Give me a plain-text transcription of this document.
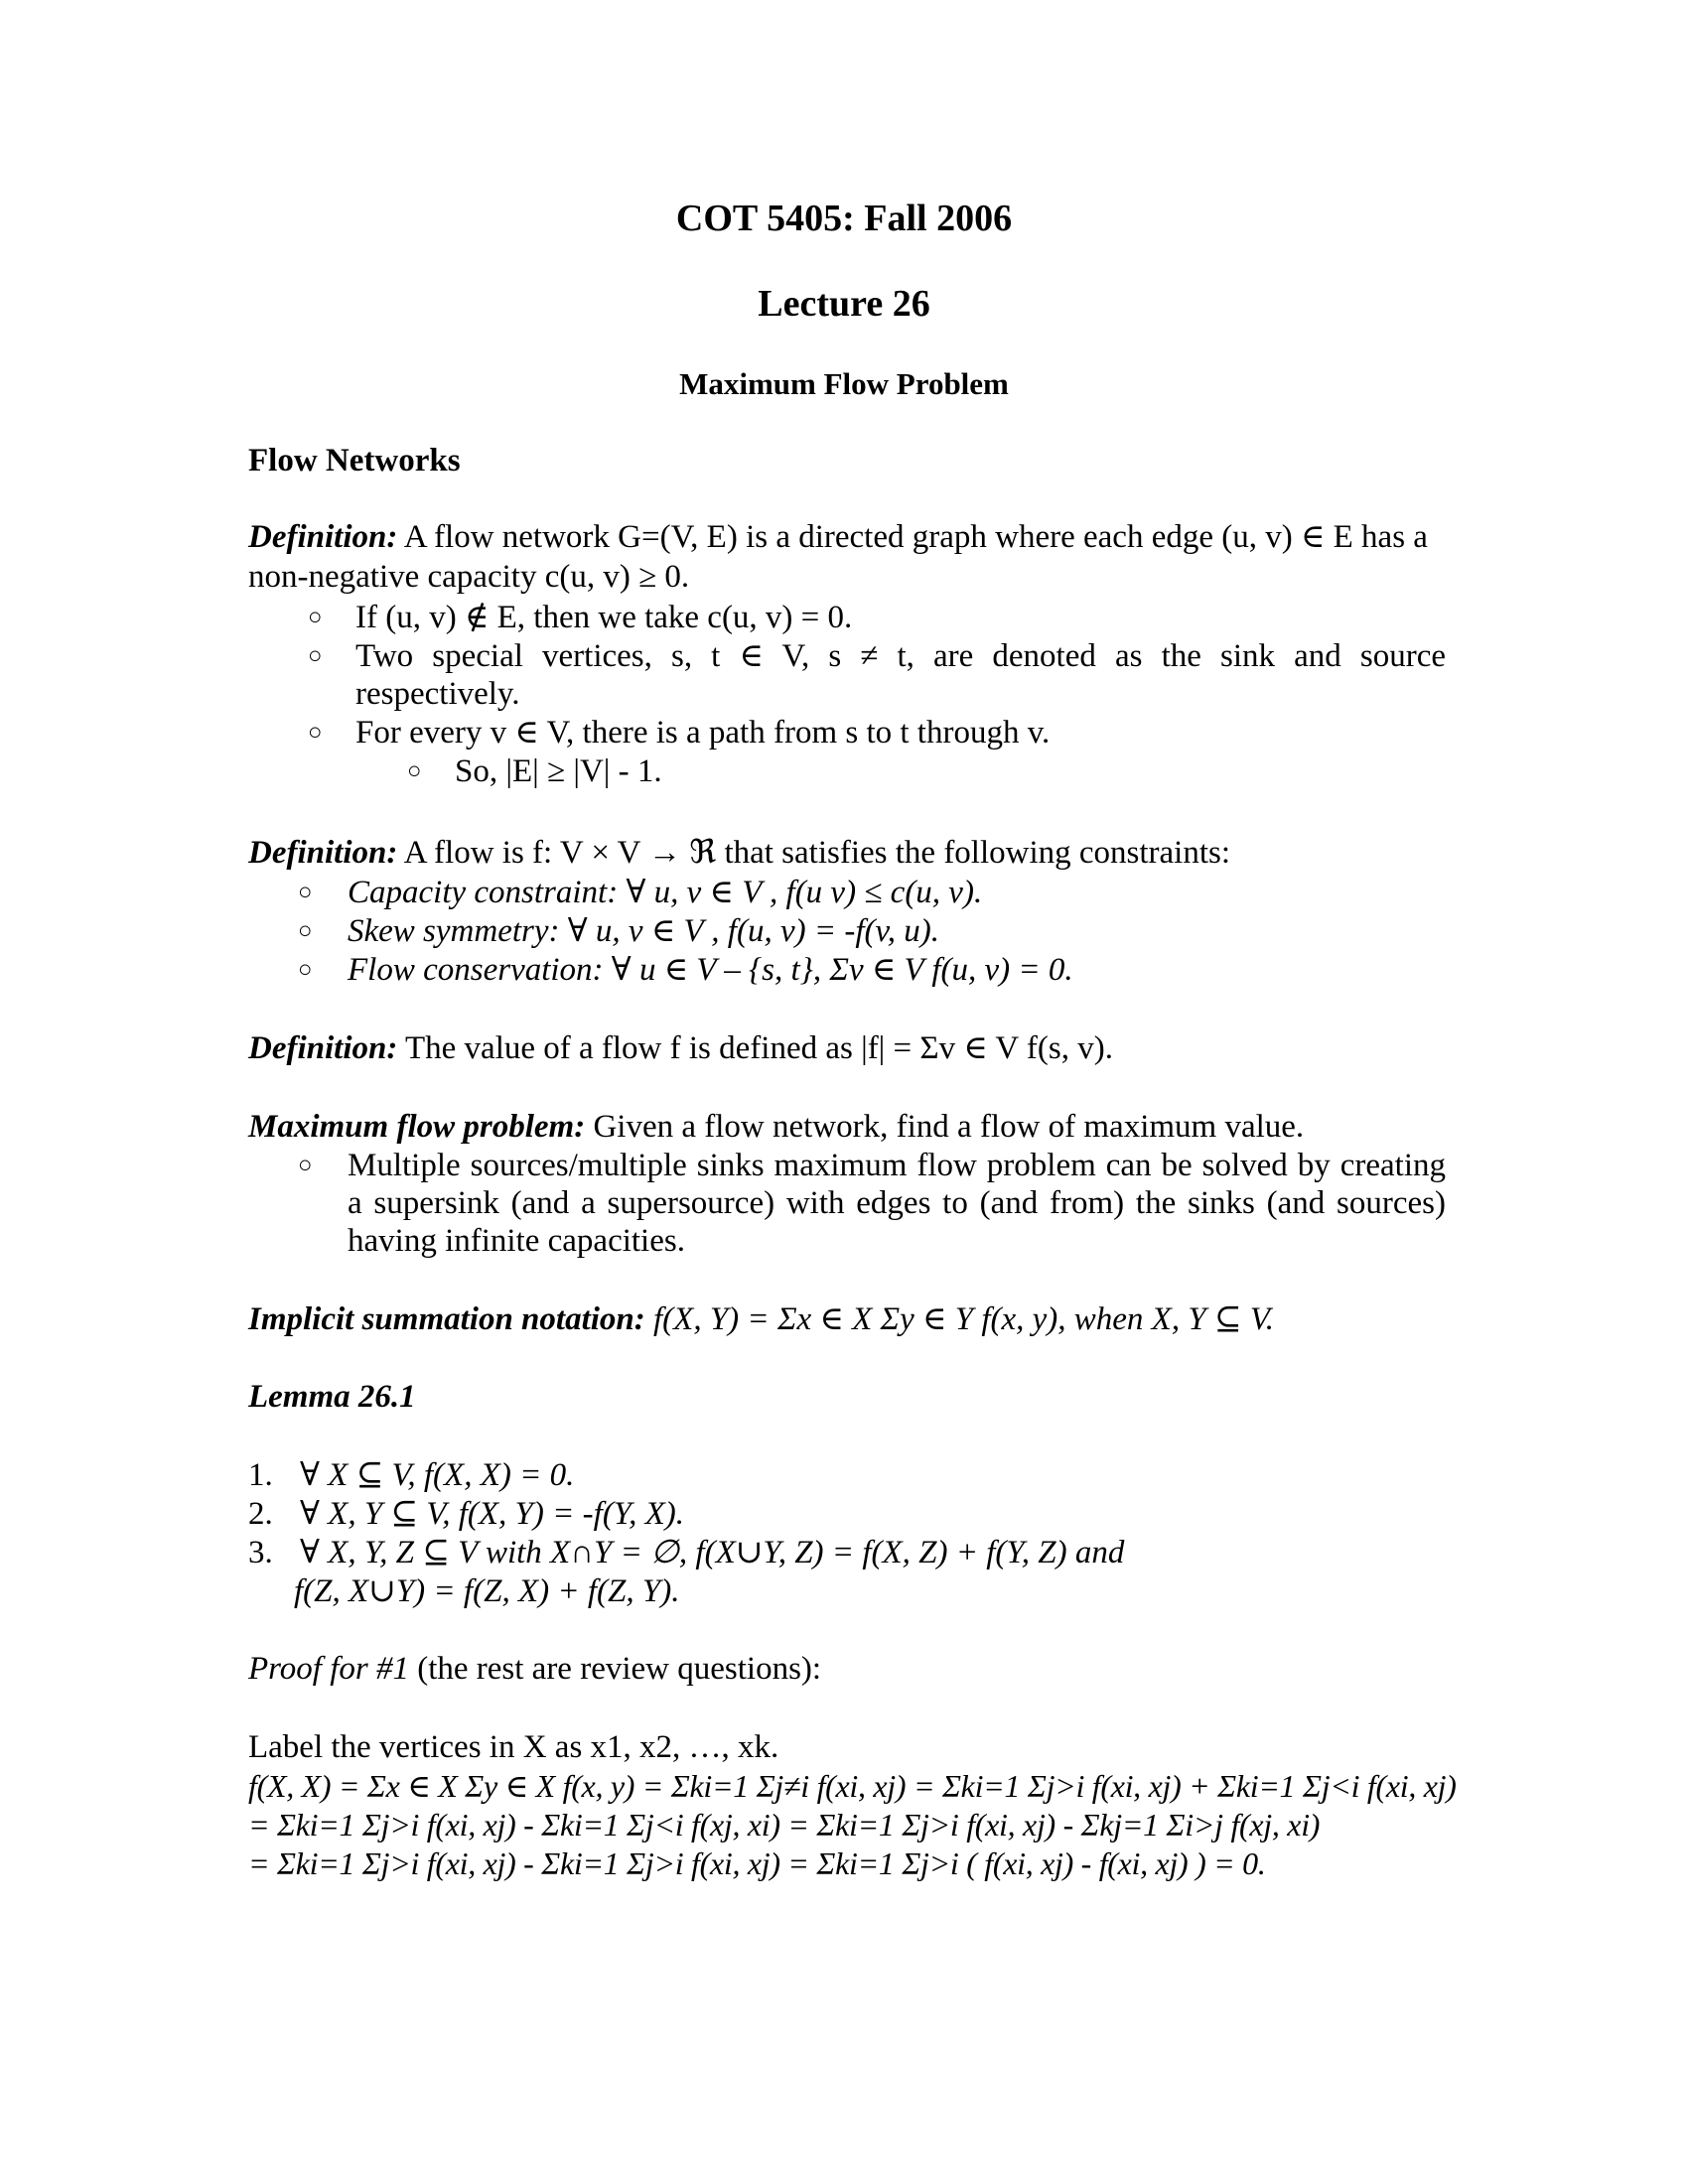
COT 5405: Fall 2006
Lecture 26
Maximum Flow Problem
Flow Networks
Definition: A flow network G=(V, E) is a directed graph where each edge (u, v) ∈ E has a
non-negative capacity c(u, v) ≥ 0.
○ If (u, v) ∉ E, then we take c(u, v) = 0.
○ Two special vertices, s, t ∈ V, s ≠ t, are denoted as the sink and source
respectively.
○ For every v ∈ V, there is a path from s to t through v.
○ So, |E| ≥ |V| - 1.
Definition: A flow is f: V × V → ℜ that satisfies the following constraints:
○ Capacity constraint: ∀ u, v ∈ V , f(u v) ≤ c(u, v).
○ Skew symmetry: ∀ u, v ∈ V , f(u, v) = -f(v, u).
○ Flow conservation: ∀ u ∈ V – {s, t}, Σv ∈ V f(u, v) = 0.
Definition: The value of a flow f is defined as |f| = Σv ∈ V f(s, v).
Maximum flow problem: Given a flow network, find a flow of maximum value.
○ Multiple sources/multiple sinks maximum flow problem can be solved by creating
a supersink (and a supersource) with edges to (and from) the sinks (and sources)
having infinite capacities.
Implicit summation notation: f(X, Y) = Σx ∈ X Σy ∈ Y f(x, y), when X, Y ⊆ V.
Lemma 26.1
1. ∀ X ⊆ V, f(X, X) = 0.
2. ∀ X, Y ⊆ V, f(X, Y) = -f(Y, X).
3. ∀ X, Y, Z ⊆ V with X∩Y = ∅, f(X∪Y, Z) = f(X, Z) + f(Y, Z) and
f(Z, X∪Y) = f(Z, X) + f(Z, Y).
Proof for #1 (the rest are review questions):
Label the vertices in X as x1, x2, …, xk.
f(X, X) = Σx ∈ X Σy ∈ X f(x, y) = Σki=1 Σj≠i f(xi, xj) = Σki=1 Σj>i f(xi, xj) + Σki=1 Σj<i f(xi, xj)
= Σki=1 Σj>i f(xi, xj) - Σki=1 Σj<i f(xj, xi) = Σki=1 Σj>i f(xi, xj) - Σkj=1 Σi>j f(xj, xi)
= Σki=1 Σj>i f(xi, xj) - Σki=1 Σj>i f(xi, xj) = Σki=1 Σj>i ( f(xi, xj) - f(xi, xj) ) = 0.
